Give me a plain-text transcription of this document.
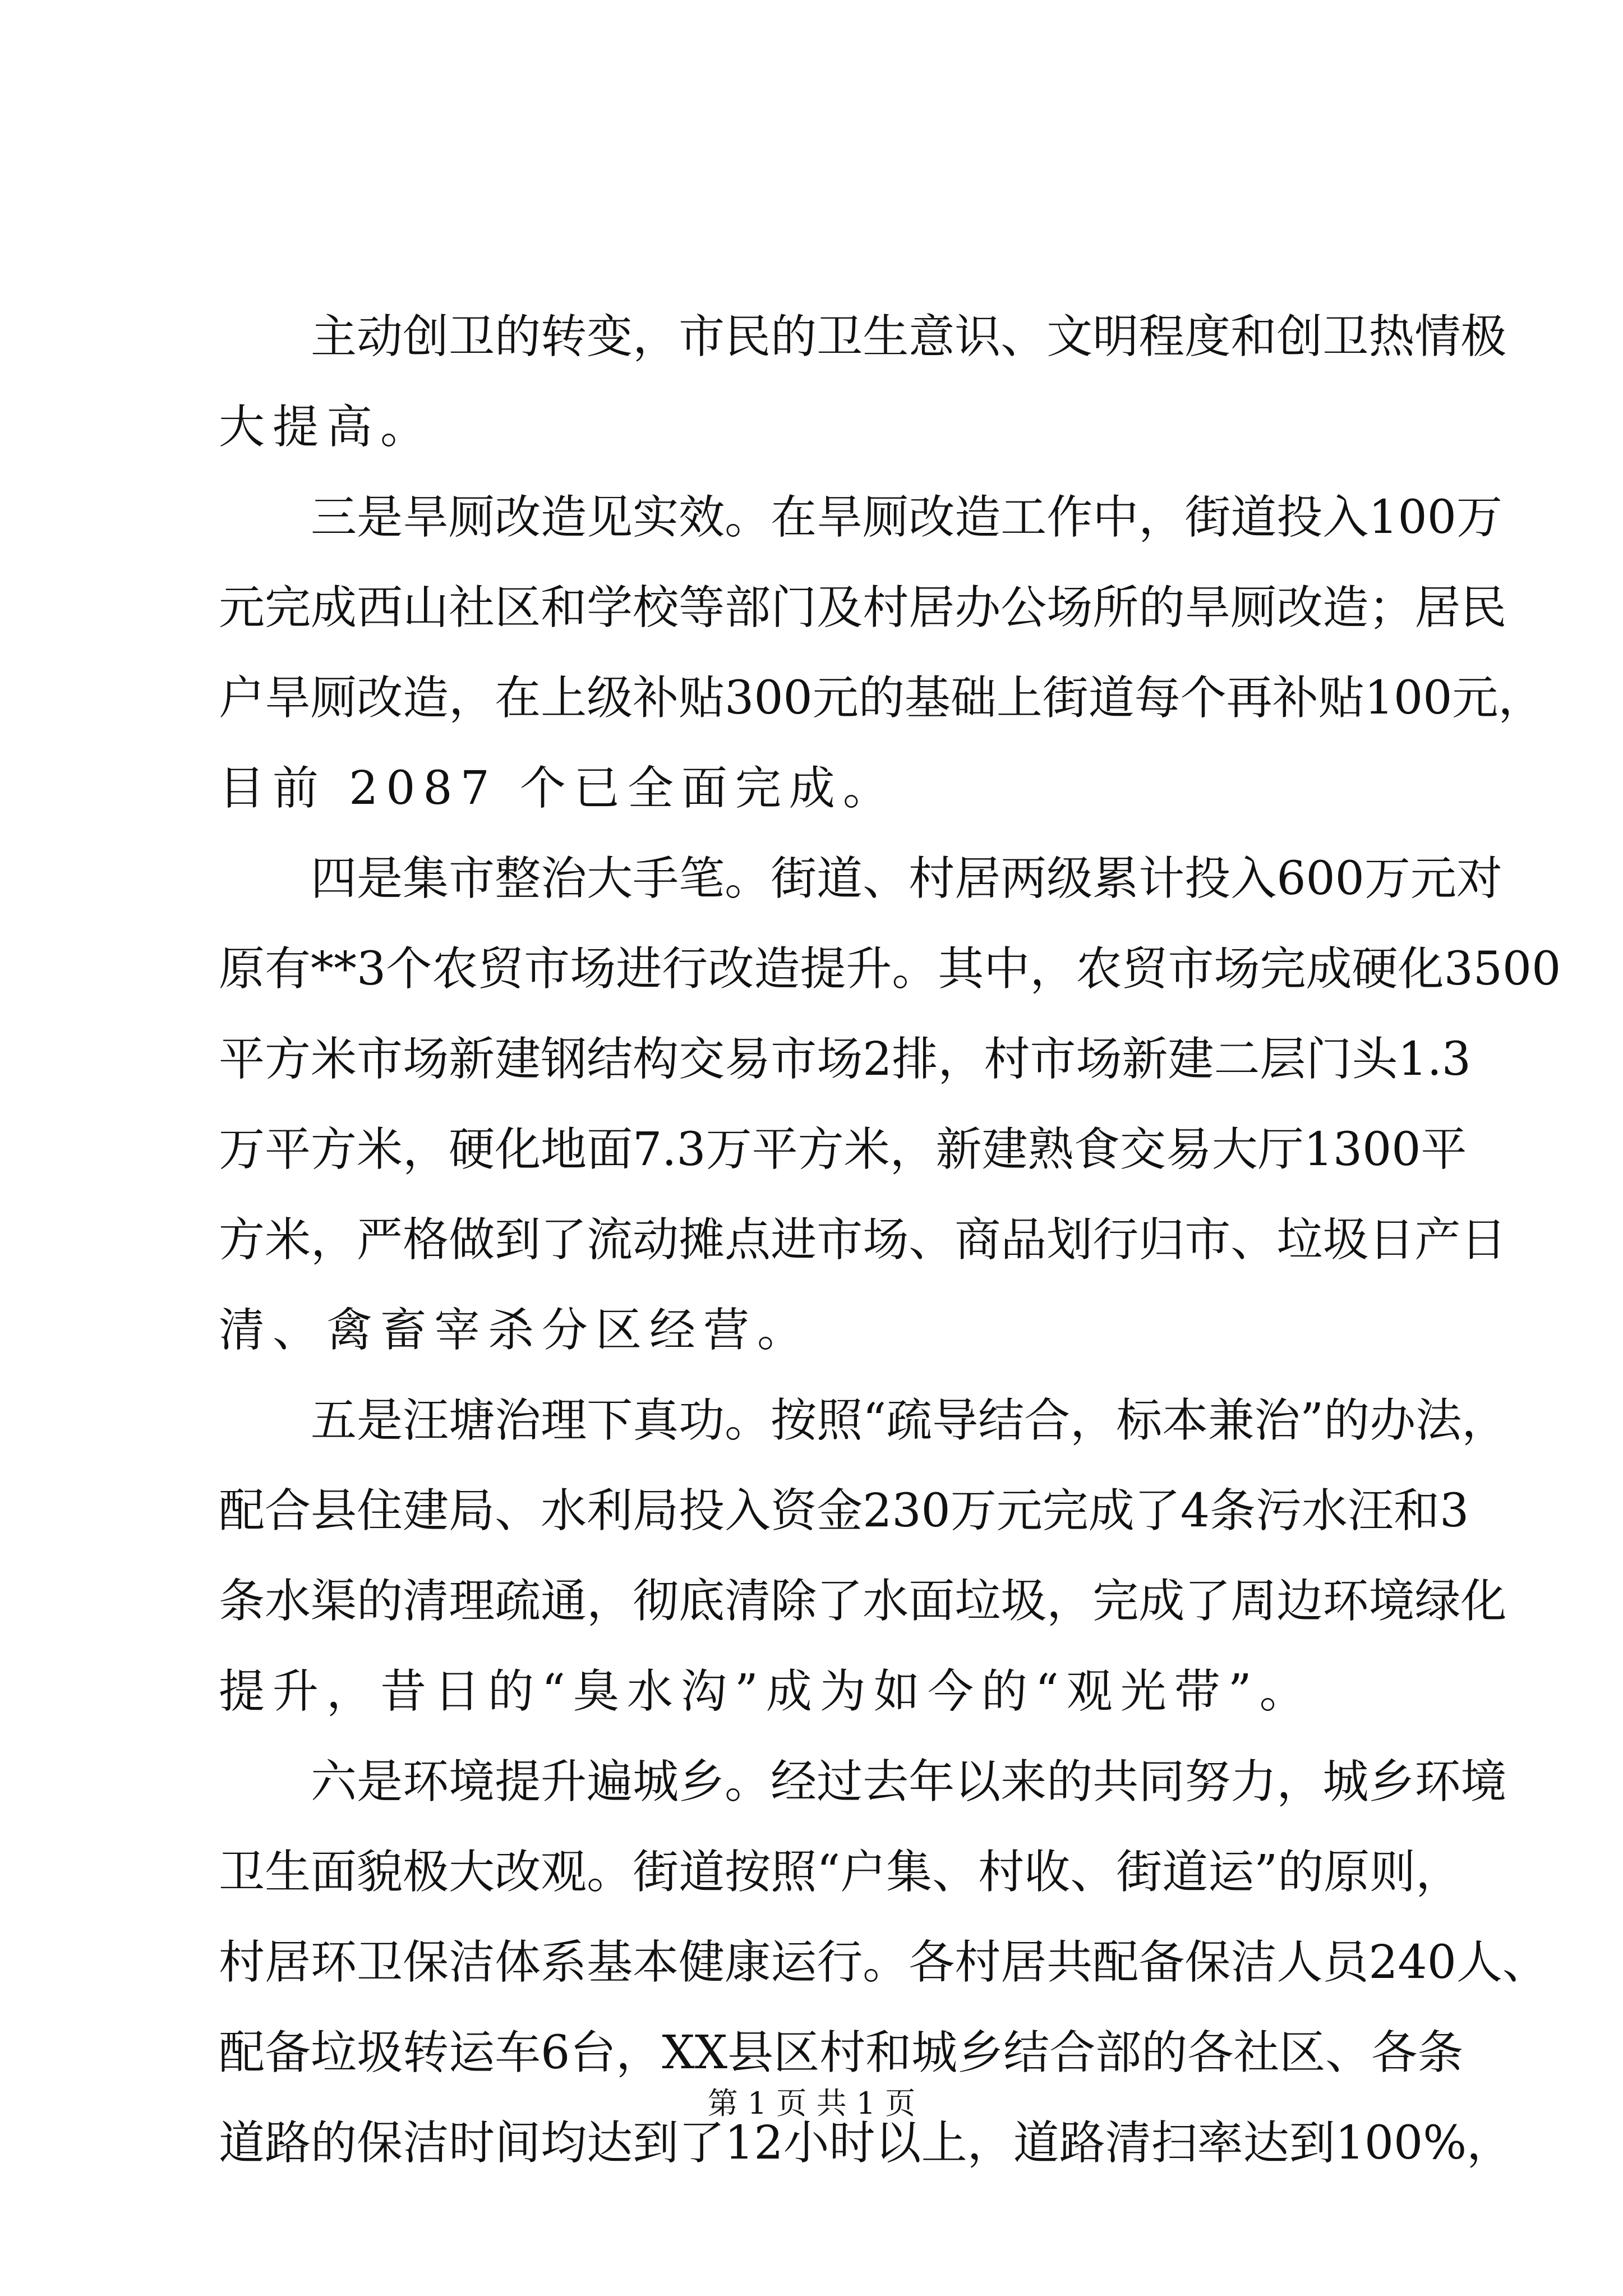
主 动 创 卫 的 转 变 ， 市 民 的 卫 生 意 识 、 文 明 程 度 和 创 卫 热 情 极
大提高。
三 是 旱 厕 改 造 见 实 效 。 在 旱 厕 改 造 工 作 中 ， 街 道 投 入 100 万
元 完 成 西 山 社 区 和 学 校 等 部 门 及 村 居 办 公 场 所 的 旱 厕 改 造 ； 居 民
户 旱 厕 改 造 ， 在 上 级 补 贴 300 元 的 基 础 上 街 道 每 个 再 补 贴 100 元 ，
目前 2087 个已全面完成。
四 是 集 市 整 治 大 手 笔 。 街 道 、 村 居 两 级 累 计 投 入 600 万 元 对
原 有 **3 个 农 贸 市 场 进 行 改 造 提 升 。 其 中 ， 农 贸 市 场 完 成 硬 化 3500
平 方 米 市 场 新 建 钢 结 构 交 易 市 场 2 排 ， 村 市 场 新 建 二 层 门 头 1.3
万 平 方 米 ， 硬 化 地 面 7.3 万 平 方 米 ， 新 建 熟 食 交 易 大 厅 1300 平
方 米 ， 严 格 做 到 了 流 动 摊 点 进 市 场 、 商 品 划 行 归 市 、 垃 圾 日 产 日
清、禽畜宰杀分区经营。
五 是 汪 塘 治 理 下 真 功 。 按 照 “ 疏 导 结 合 ， 标 本 兼 治 ” 的 办 法 ，
配 合 县 住 建 局 、 水 利 局 投 入 资 金 230 万 元 完 成 了 4 条 污 水 汪 和 3
条 水 渠 的 清 理 疏 通 ， 彻 底 清 除 了 水 面 垃 圾 ， 完 成 了 周 边 环 境 绿 化
提升，昔日的“臭水沟”成为如今的“观光带”。
六 是 环 境 提 升 遍 城 乡 。 经 过 去 年 以 来 的 共 同 努 力 ， 城 乡 环 境
卫 生 面 貌 极 大 改 观 。 街 道 按 照 “ 户 集 、 村 收 、 街 道 运 ” 的 原 则 ，
村 居 环 卫 保 洁 体 系 基 本 健 康 运 行 。 各 村 居 共 配 备 保 洁 人 员 240 人 、
配 备 垃 圾 转 运 车 6 台 ， XX 县 区 村 和 城 乡 结 合 部 的 各 社 区 、 各 条
道 路 的 保 洁 时 间 均 达 到 了 12 小 时 以 上 ， 道 路 清 扫 率 达 到 100% ，
第 1 页 共 1 页
